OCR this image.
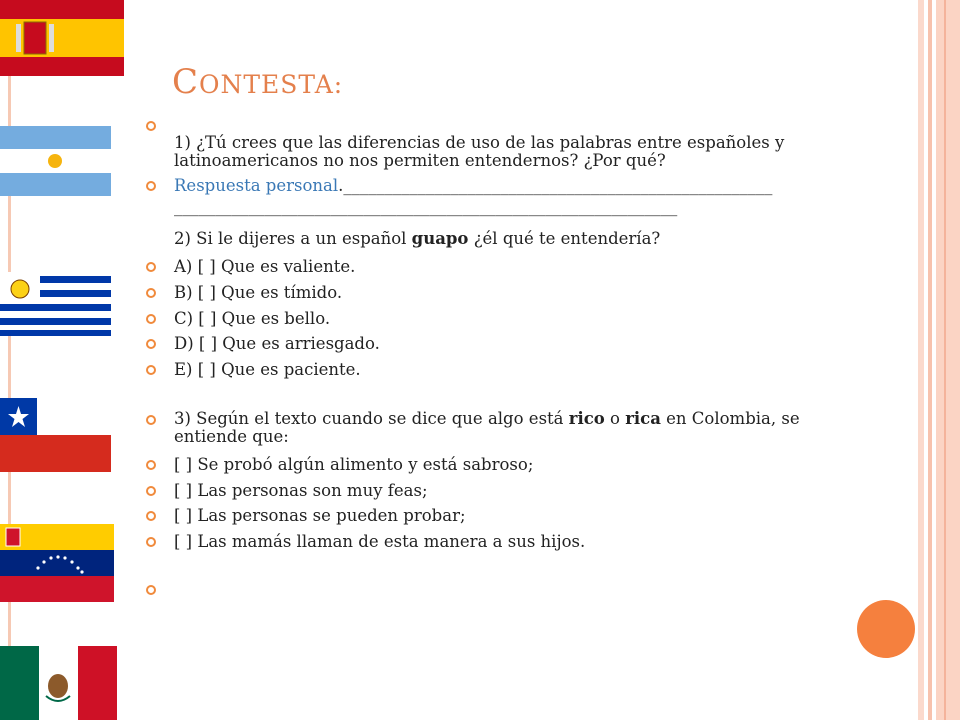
CONTESTA:
1) ¿Tú crees que las diferencias de uso de las palabras entre españoles y latinoamericanos no nos permiten entendernos? ¿Por qué?
Respuesta personal.____________________________________________________
_____________________________________________________________
2) Si le dijeres a un español guapo ¿él qué te entendería?
A) [ ] Que es valiente.
B) [ ] Que es tímido.
C) [ ] Que es bello.
D) [ ] Que es arriesgado.
E) [ ] Que es paciente.
3) Según el texto cuando se dice que algo está rico o rica en Colombia, se entiende que:
[ ] Se probó algún alimento y está sabroso;
[ ] Las personas son muy feas;
[ ] Las personas se pueden probar;
[ ] Las mamás llaman de esta manera a sus hijos.
